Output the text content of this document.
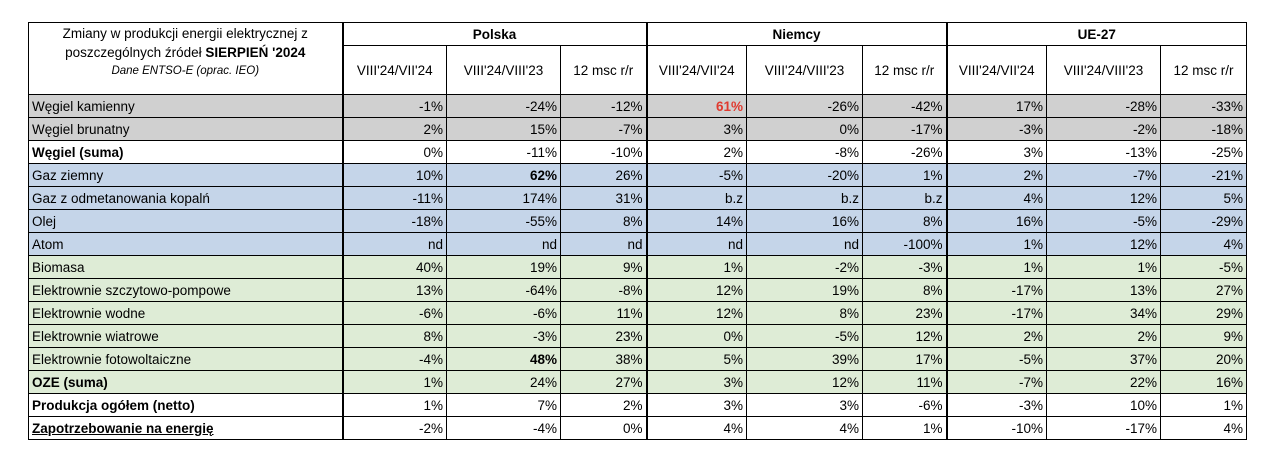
Zmiany w produkcji energii elektrycznej z
poszczególnych źródeł SIERPIEŃ '2024
Dane ENTSO-E (oprac. IEO)	Polska			Niemcy			UE-27		
	VIII'24/VII'24	VIII'24/VIII'23	12 msc r/r	VIII'24/VII'24	VIII'24/VIII'23	12 msc r/r	VIII'24/VII'24	VIII'24/VIII'23	12 msc r/r
Węgiel kamienny	-1%	-24%	-12%	61%	-26%	-42%	17%	-28%	-33%
Węgiel brunatny	2%	15%	-7%	3%	0%	-17%	-3%	-2%	-18%
Węgiel (suma)	0%	-11%	-10%	2%	-8%	-26%	3%	-13%	-25%
Gaz ziemny	10%	62%	26%	-5%	-20%	1%	2%	-7%	-21%
Gaz z odmetanowania kopalń	-11%	174%	31%	b.z	b.z	b.z	4%	12%	5%
Olej	-18%	-55%	8%	14%	16%	8%	16%	-5%	-29%
Atom	nd	nd	nd	nd	nd	-100%	1%	12%	4%
Biomasa	40%	19%	9%	1%	-2%	-3%	1%	1%	-5%
Elektrownie szczytowo-pompowe	13%	-64%	-8%	12%	19%	8%	-17%	13%	27%
Elektrownie wodne	-6%	-6%	11%	12%	8%	23%	-17%	34%	29%
Elektrownie wiatrowe	8%	-3%	23%	0%	-5%	12%	2%	2%	9%
Elektrownie fotowoltaiczne	-4%	48%	38%	5%	39%	17%	-5%	37%	20%
OZE (suma)	1%	24%	27%	3%	12%	11%	-7%	22%	16%
Produkcja ogółem (netto)	1%	7%	2%	3%	3%	-6%	-3%	10%	1%
Zapotrzebowanie na energię	-2%	-4%	0%	4%	4%	1%	-10%	-17%	4%
